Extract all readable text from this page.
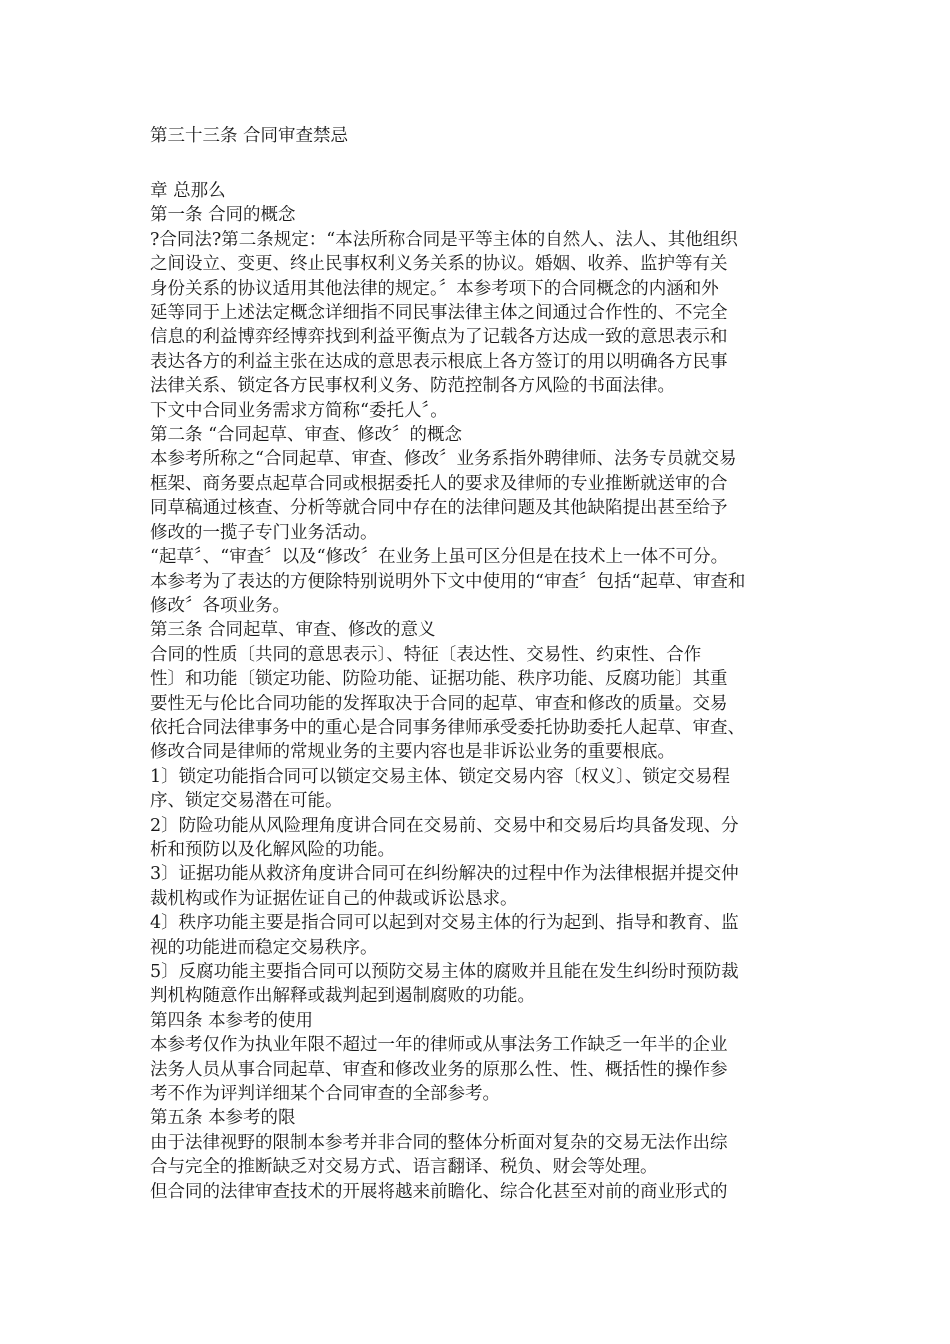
第三十三条 合同审查禁忌
章 总那么
第一条 合同的概念
?合同法?第二条规定：“本法所称合同是平等主体的自然人、法人、其他组织
之间设立、变更、终止民事权利义务关系的协议。婚姻、收养、监护等有关
身份关系的协议适用其他法律的规定。〞本参考项下的合同概念的内涵和外
延等同于上述法定概念详细指不同民事法律主体之间通过合作性的、不完全
信息的利益博弈经博弈找到利益平衡点为了记载各方达成一致的意思表示和
表达各方的利益主张在达成的意思表示根底上各方签订的用以明确各方民事
法律关系、锁定各方民事权利义务、防范控制各方风险的书面法律。
下文中合同业务需求方简称“委托人〞。
第二条 “合同起草、审查、修改〞的概念
本参考所称之“合同起草、审查、修改〞业务系指外聘律师、法务专员就交易
框架、商务要点起草合同或根据委托人的要求及律师的专业推断就送审的合
同草稿通过核查、分析等就合同中存在的法律问题及其他缺陷提出甚至给予
修改的一揽子专门业务活动。
“起草〞、“审查〞以及“修改〞在业务上虽可区分但是在技术上一体不可分。
本参考为了表达的方便除特别说明外下文中使用的“审查〞包括“起草、审查和
修改〞各项业务。
第三条 合同起草、审查、修改的意义
合同的性质〔共同的意思表示〕、特征〔表达性、交易性、约束性、合作
性〕和功能〔锁定功能、防险功能、证据功能、秩序功能、反腐功能〕其重
要性无与伦比合同功能的发挥取决于合同的起草、审查和修改的质量。交易
依托合同法律事务中的重心是合同事务律师承受委托协助委托人起草、审查、
修改合同是律师的常规业务的主要内容也是非诉讼业务的重要根底。
1〕锁定功能指合同可以锁定交易主体、锁定交易内容〔权义〕、锁定交易程
序、锁定交易潜在可能。
2〕防险功能从风险理角度讲合同在交易前、交易中和交易后均具备发现、分
析和预防以及化解风险的功能。
3〕证据功能从救济角度讲合同可在纠纷解决的过程中作为法律根据并提交仲
裁机构或作为证据佐证自己的仲裁或诉讼恳求。
4〕秩序功能主要是指合同可以起到对交易主体的行为起到、指导和教育、监
视的功能进而稳定交易秩序。
5〕反腐功能主要指合同可以预防交易主体的腐败并且能在发生纠纷时预防裁
判机构随意作出解释或裁判起到遏制腐败的功能。
第四条 本参考的使用
本参考仅作为执业年限不超过一年的律师或从事法务工作缺乏一年半的企业
法务人员从事合同起草、审查和修改业务的原那么性、性、概括性的操作参
考不作为评判详细某个合同审查的全部参考。
第五条 本参考的限
由于法律视野的限制本参考并非合同的整体分析面对复杂的交易无法作出综
合与完全的推断缺乏对交易方式、语言翻译、税负、财会等处理。
但合同的法律审查技术的开展将越来前瞻化、综合化甚至对前的商业形式的
